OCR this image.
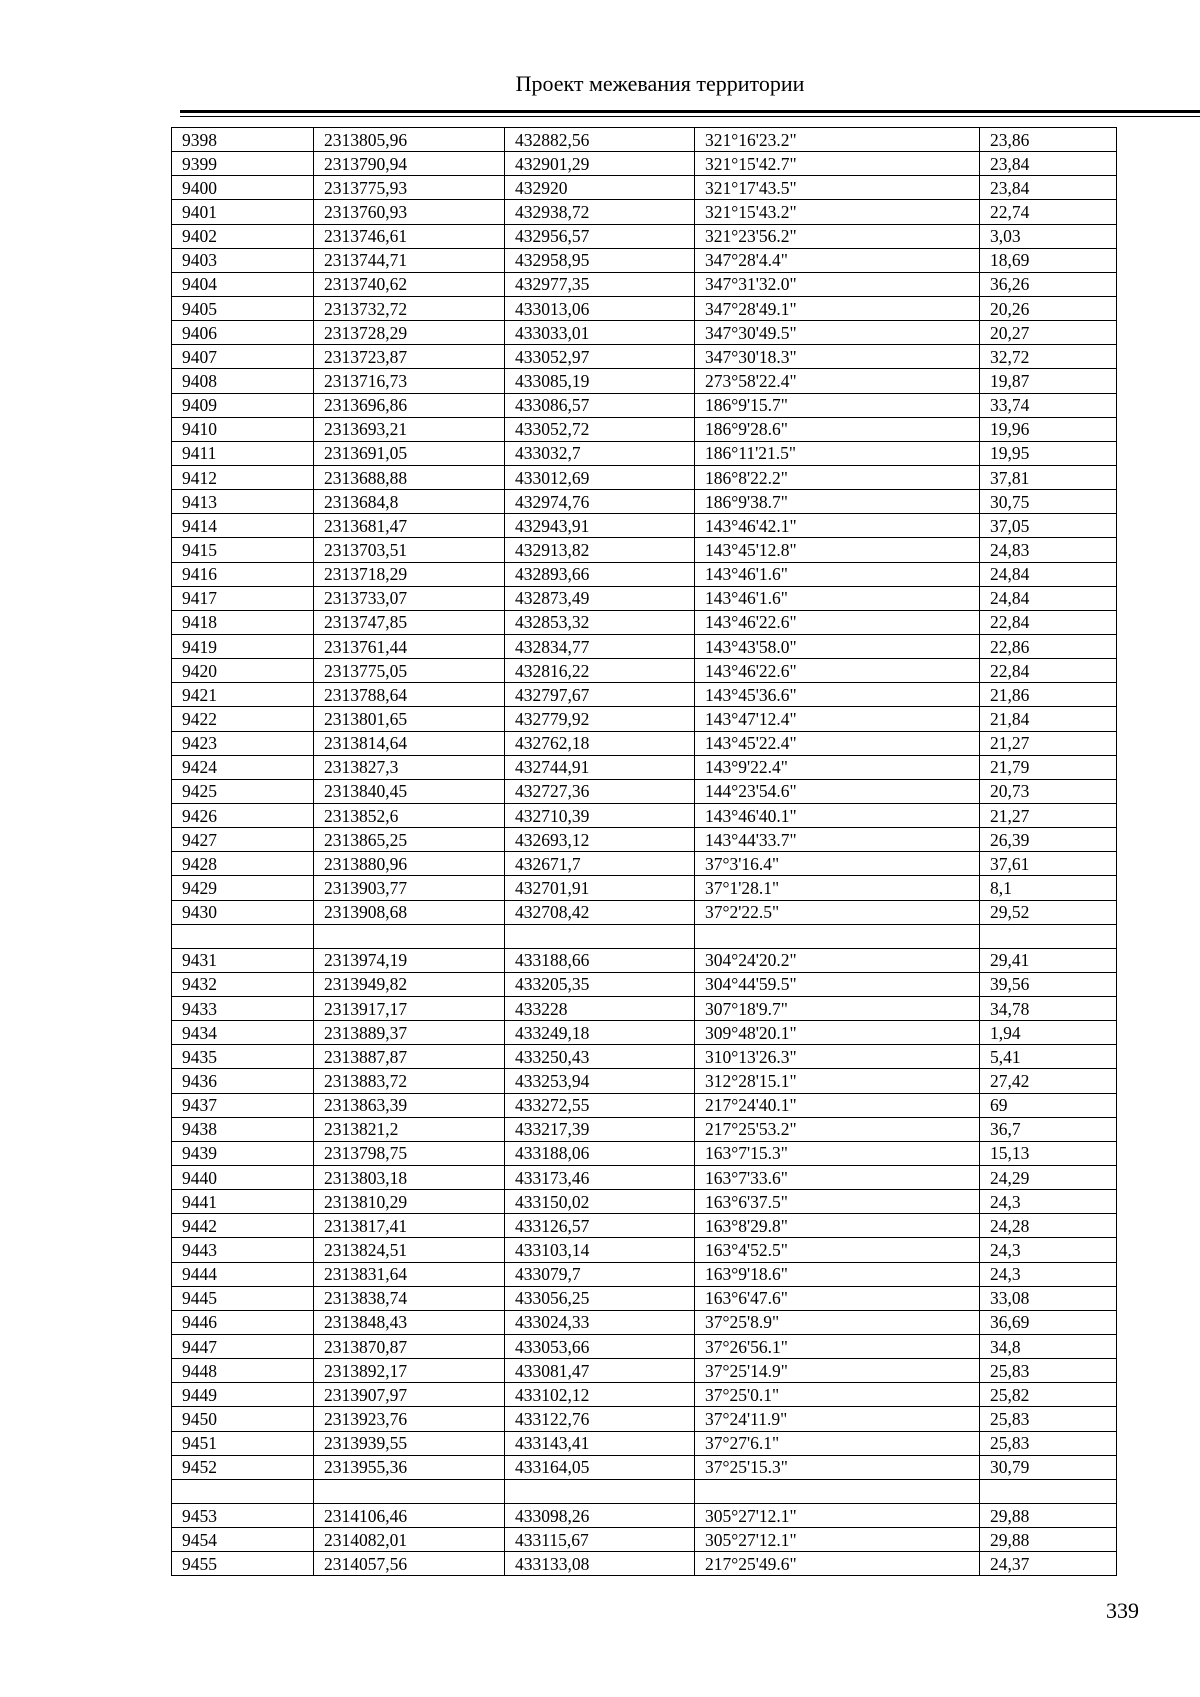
Проект межевания территории
9398	2313805,96	432882,56	321°16'23.2"	23,86
9399	2313790,94	432901,29	321°15'42.7"	23,84
9400	2313775,93	432920	321°17'43.5"	23,84
9401	2313760,93	432938,72	321°15'43.2"	22,74
9402	2313746,61	432956,57	321°23'56.2"	3,03
9403	2313744,71	432958,95	347°28'4.4"	18,69
9404	2313740,62	432977,35	347°31'32.0"	36,26
9405	2313732,72	433013,06	347°28'49.1"	20,26
9406	2313728,29	433033,01	347°30'49.5"	20,27
9407	2313723,87	433052,97	347°30'18.3"	32,72
9408	2313716,73	433085,19	273°58'22.4"	19,87
9409	2313696,86	433086,57	186°9'15.7"	33,74
9410	2313693,21	433052,72	186°9'28.6"	19,96
9411	2313691,05	433032,7	186°11'21.5"	19,95
9412	2313688,88	433012,69	186°8'22.2"	37,81
9413	2313684,8	432974,76	186°9'38.7"	30,75
9414	2313681,47	432943,91	143°46'42.1"	37,05
9415	2313703,51	432913,82	143°45'12.8"	24,83
9416	2313718,29	432893,66	143°46'1.6"	24,84
9417	2313733,07	432873,49	143°46'1.6"	24,84
9418	2313747,85	432853,32	143°46'22.6"	22,84
9419	2313761,44	432834,77	143°43'58.0"	22,86
9420	2313775,05	432816,22	143°46'22.6"	22,84
9421	2313788,64	432797,67	143°45'36.6"	21,86
9422	2313801,65	432779,92	143°47'12.4"	21,84
9423	2313814,64	432762,18	143°45'22.4"	21,27
9424	2313827,3	432744,91	143°9'22.4"	21,79
9425	2313840,45	432727,36	144°23'54.6"	20,73
9426	2313852,6	432710,39	143°46'40.1"	21,27
9427	2313865,25	432693,12	143°44'33.7"	26,39
9428	2313880,96	432671,7	37°3'16.4"	37,61
9429	2313903,77	432701,91	37°1'28.1"	8,1
9430	2313908,68	432708,42	37°2'22.5"	29,52

9431	2313974,19	433188,66	304°24'20.2"	29,41
9432	2313949,82	433205,35	304°44'59.5"	39,56
9433	2313917,17	433228	307°18'9.7"	34,78
9434	2313889,37	433249,18	309°48'20.1"	1,94
9435	2313887,87	433250,43	310°13'26.3"	5,41
9436	2313883,72	433253,94	312°28'15.1"	27,42
9437	2313863,39	433272,55	217°24'40.1"	69
9438	2313821,2	433217,39	217°25'53.2"	36,7
9439	2313798,75	433188,06	163°7'15.3"	15,13
9440	2313803,18	433173,46	163°7'33.6"	24,29
9441	2313810,29	433150,02	163°6'37.5"	24,3
9442	2313817,41	433126,57	163°8'29.8"	24,28
9443	2313824,51	433103,14	163°4'52.5"	24,3
9444	2313831,64	433079,7	163°9'18.6"	24,3
9445	2313838,74	433056,25	163°6'47.6"	33,08
9446	2313848,43	433024,33	37°25'8.9"	36,69
9447	2313870,87	433053,66	37°26'56.1"	34,8
9448	2313892,17	433081,47	37°25'14.9"	25,83
9449	2313907,97	433102,12	37°25'0.1"	25,82
9450	2313923,76	433122,76	37°24'11.9"	25,83
9451	2313939,55	433143,41	37°27'6.1"	25,83
9452	2313955,36	433164,05	37°25'15.3"	30,79

9453	2314106,46	433098,26	305°27'12.1"	29,88
9454	2314082,01	433115,67	305°27'12.1"	29,88
9455	2314057,56	433133,08	217°25'49.6"	24,37
339
